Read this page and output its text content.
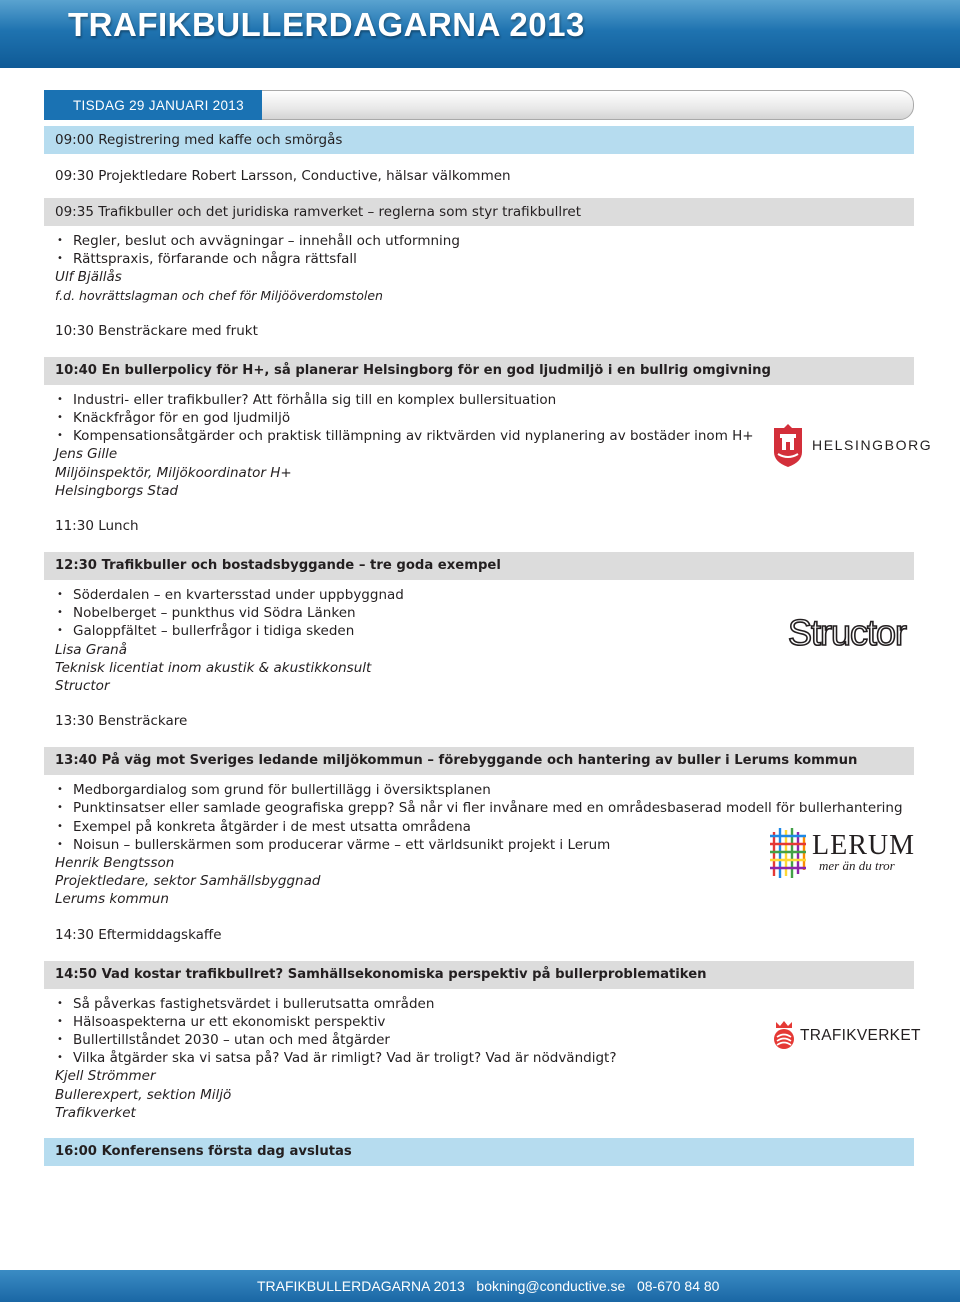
TRAFIKBULLERDAGARNA 2013
TISDAG 29 JANUARI 2013
09:00 Registrering med kaffe och smörgås
09:30 Projektledare Robert Larsson, Conductive, hälsar välkommen
09:35 Trafikbuller och det juridiska ramverket – reglerna som styr trafikbullret
• Regler, beslut och avvägningar – innehåll och utformning
• Rättspraxis, förfarande och några rättsfall
Ulf Bjällås
f.d. hovrättslagman och chef för Miljööverdomstolen
10:30 Bensträckare med frukt
10:40 En bullerpolicy för H+, så planerar Helsingborg för en god ljudmiljö i en bullrig omgivning
• Industri- eller trafikbuller? Att förhålla sig till en komplex bullersituation
• Knäckfrågor för en god ljudmiljö
• Kompensationsåtgärder och praktisk tillämpning av riktvärden vid nyplanering av bostäder inom H+
Jens Gille
Miljöinspektör, Miljökoordinator H+
Helsingborgs Stad
11:30 Lunch
12:30 Trafikbuller och bostadsbyggande – tre goda exempel
• Söderdalen – en kvartersstad under uppbyggnad
• Nobelberget – punkthus vid Södra Länken
• Galoppfältet – bullerfrågor i tidiga skeden
Lisa Granå
Teknisk licentiat inom akustik & akustikkonsult
Structor
13:30 Bensträckare
13:40 På väg mot Sveriges ledande miljökommun – förebyggande och hantering av buller i Lerums kommun
• Medborgardialog som grund för bullertillägg i översiktsplanen
• Punktinsatser eller samlade geografiska grepp? Så når vi fler invånare med en områdesbaserad modell för bullerhantering
• Exempel på konkreta åtgärder i de mest utsatta områdena
• Noisun – bullerskärmen som producerar värme – ett världsunikt projekt i Lerum
Henrik Bengtsson
Projektledare, sektor Samhällsbyggnad
Lerums kommun
14:30 Eftermiddagskaffe
14:50 Vad kostar trafikbullret? Samhällsekonomiska perspektiv på bullerproblematiken
• Så påverkas fastighetsvärdet i bullerutsatta områden
• Hälsoaspekterna ur ett ekonomiskt perspektiv
• Bullertillståndet 2030 – utan och med åtgärder
• Vilka åtgärder ska vi satsa på? Vad är rimligt? Vad är troligt? Vad är nödvändigt?
Kjell Strömmer
Bullerexpert, sektion Miljö
Trafikverket
16:00 Konferensens första dag avslutas
HELSINGBORG
Structor
LERUM
mer än du tror
TRAFIKVERKET
TRAFIKBULLERDAGARNA 2013 bokning@conductive.se 08-670 84 80
